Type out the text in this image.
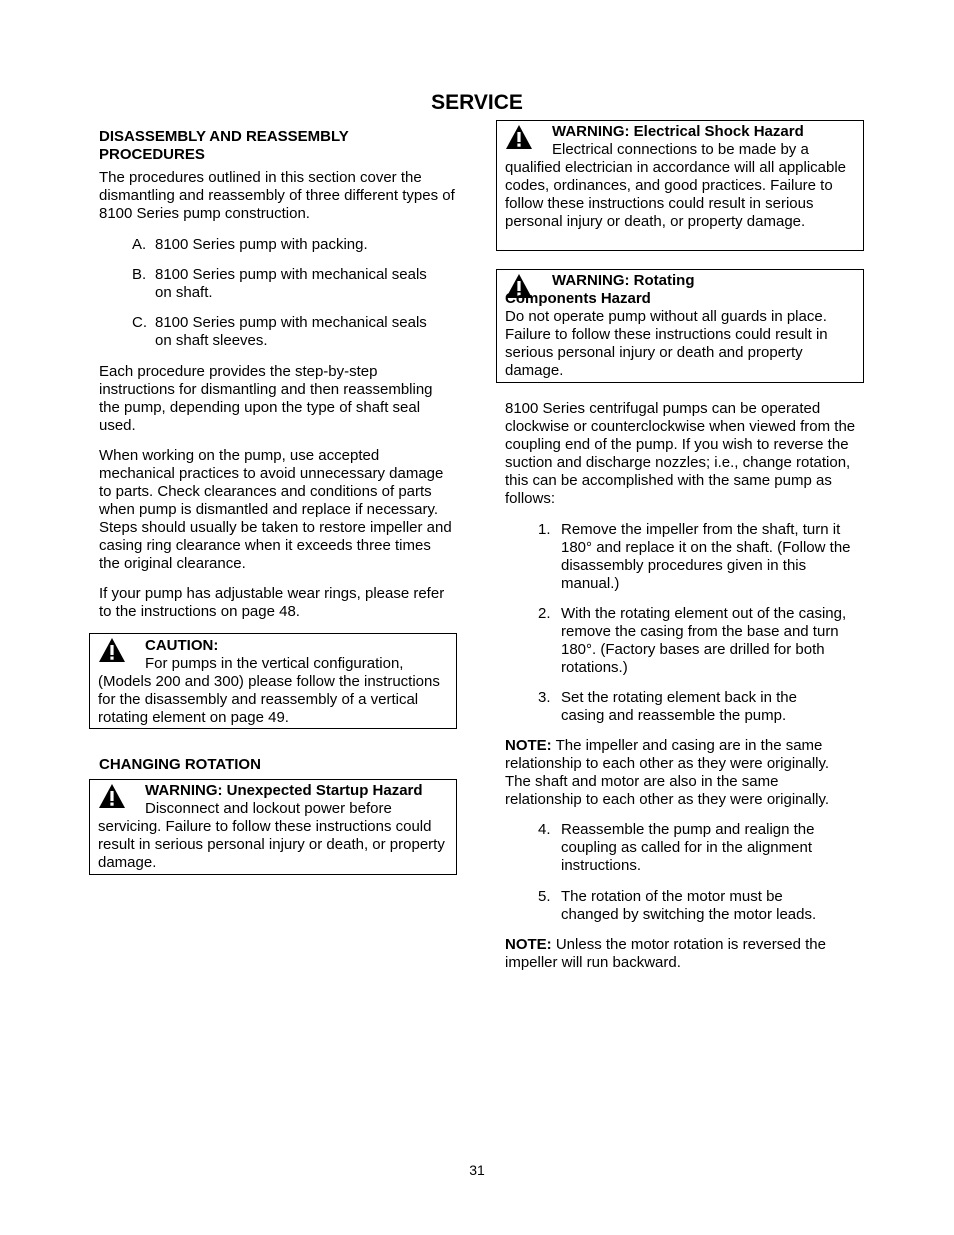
SERVICE
DISASSEMBLY AND REASSEMBLY PROCEDURES

The procedures outlined in this section cover the dismantling and reassembly of three different types of 8100 Series pump construction.

A. 8100 Series pump with packing.
B. 8100 Series pump with mechanical seals on shaft.
C. 8100 Series pump with mechanical seals on shaft sleeves.

Each procedure provides the step-by-step instructions for dismantling and then reassembling the pump, depending upon the type of shaft seal used.

When working on the pump, use accepted mechanical practices to avoid unnecessary damage to parts. Check clearances and conditions of parts when pump is dismantled and replace if necessary. Steps should usually be taken to restore impeller and casing ring clearance when it exceeds three times the original clearance.

If your pump has adjustable wear rings, please refer to the instructions on page 48.

CAUTION:

For pumps in the vertical configuration, (Models 200 and 300) please follow the instructions for the disassembly and reassembly of a vertical rotating element on page 49.
CHANGING ROTATION
WARNING: Unexpected Startup Hazard

Disconnect and lockout power before servicing. Failure to follow these instructions could result in serious personal injury or death, or property damage.
WARNING: Electrical Shock Hazard

Electrical connections to be made by a qualified electrician in accordance will all applicable codes, ordinances, and good practices. Failure to follow these instructions could result in serious personal injury or death, or property damage.
WARNING: Rotating Components Hazard
Do not operate pump without all guards in place. Failure to follow these instructions could result in serious personal injury or death and property damage.

8100 Series centrifugal pumps can be operated clockwise or counterclockwise when viewed from the coupling end of the pump. If you wish to reverse the suction and discharge nozzles; i.e., change rotation, this can be accomplished with the same pump as follows:

1. Remove the impeller from the shaft, turn it 180° and replace it on the shaft. (Follow the disassembly procedures given in this manual.)
2. With the rotating element out of the casing, remove the casing from the base and turn 180°. (Factory bases are drilled for both rotations.)
3. Set the rotating element back in the casing and reassemble the pump.

NOTE: The impeller and casing are in the same relationship to each other as they were originally. The shaft and motor are also in the same relationship to each other as they were originally.

4. Reassemble the pump and realign the coupling as called for in the alignment instructions.
5. The rotation of the motor must be changed by switching the motor leads.

NOTE: Unless the motor rotation is reversed the impeller will run backward.

31
